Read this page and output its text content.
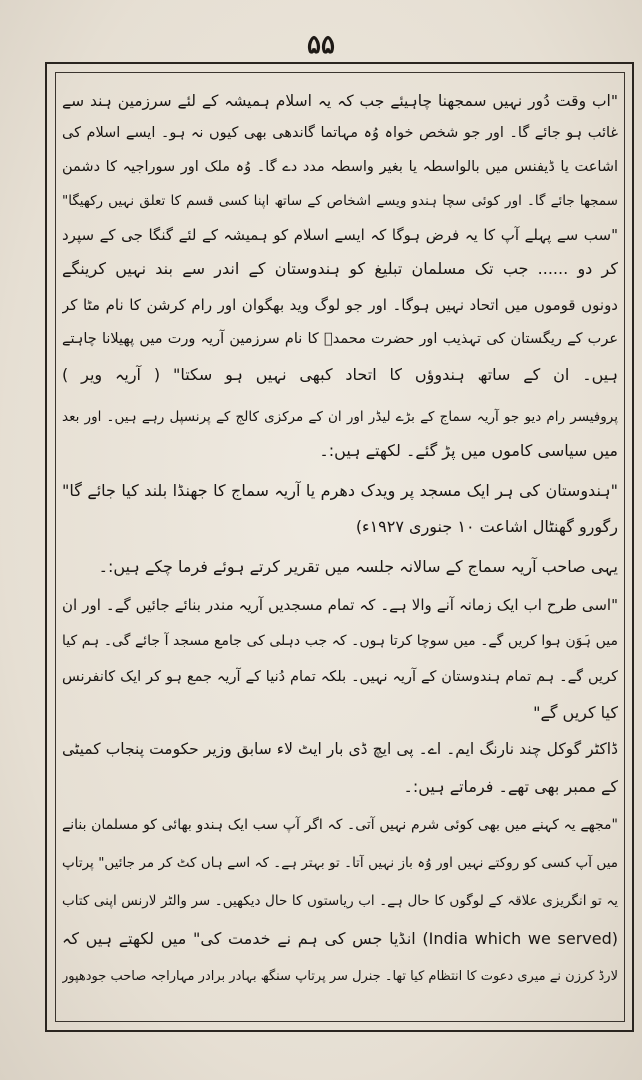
۵۵
"اب وقت دُور نہیں سمجھنا چاہیئے جب کہ یہ اسلام ہمیشہ کے لئے سرزمین ہند سے
غائب ہو جائے گا۔ اور جو شخص خواہ وُہ مہاتما گاندھی بھی کیوں نہ ہو۔ ایسے اسلام کی
اشاعت یا ڈیفنس میں بالواسطہ یا بغیر واسطہ مدد دے گا۔ وُہ ملک اور سوراجیہ کا دشمن
سمجھا جائے گا۔ اور کوئی سچا ہندو ویسے اشخاص کے ساتھ اپنا کسی قسم کا تعلق نہیں رکھیگا"
"سب سے پہلے آپ کا یہ فرض ہوگا کہ ایسے اسلام کو ہمیشہ کے لئے گنگا جی کے سپرد
کر دو ...... جب تک مسلمان تبلیغ کو ہندوستان کے اندر سے بند نہیں کرینگے
دونوں قوموں میں اتحاد نہیں ہوگا۔ اور جو لوگ وید بھگوان اور رام کرشن کا نام مٹا کر
عرب کے ریگستان کی تہذیب اور حضرت محمدؐ کا نام سرزمین آریہ ورت میں پھیلانا چاہتے
ہیں۔ ان کے ساتھ ہندوؤں کا اتحاد کبھی نہیں ہو سکتا" ( آریہ ویر )
پروفیسر رام دیو جو آریہ سماج کے بڑے لیڈر اور ان کے مرکزی کالج کے پرنسپل رہے ہیں۔ اور بعد
میں سیاسی کاموں میں پڑ گئے۔ لکھتے ہیں:۔
"ہندوستان کی ہر ایک مسجد پر ویدک دھرم یا آریہ سماج کا جھنڈا بلند کیا جائے گا"
رگورو گھنٹال اشاعت ۱۰ جنوری ۱۹۲۷ء)
یہی صاحب آریہ سماج کے سالانہ جلسہ میں تقریر کرتے ہوئے فرما چکے ہیں:۔
"اسی طرح اب ایک زمانہ آنے والا ہے۔ کہ تمام مسجدیں آریہ مندر بنائے جائیں گے۔ اور ان
میں ہَوَن ہوا کریں گے۔ میں سوچا کرتا ہوں۔ کہ جب دہلی کی جامع مسجد آ جائے گی۔ ہم کیا
کریں گے۔ ہم تمام ہندوستان کے آریہ نہیں۔ بلکہ تمام دُنیا کے آریہ جمع ہو کر ایک کانفرنس
کیا کریں گے"
ڈاکٹر گوکل چند نارنگ ایم۔ اے۔ پی ایچ ڈی بار ایٹ لاء سابق وزیر حکومت پنجاب کمیٹی
کے ممبر بھی تھے۔ فرماتے ہیں:۔
"مجھے یہ کہنے میں بھی کوئی شرم نہیں آتی۔ کہ اگر آپ سب ایک ہندو بھائی کو مسلمان بنانے
میں آپ کسی کو روکتے نہیں اور وُہ باز نہیں آتا۔ تو بہتر ہے۔ کہ اسے ہاں کٹ کر مر جائیں" پرتاپ
یہ تو انگریزی علاقہ کے لوگوں کا حال ہے۔ اب ریاستوں کا حال دیکھیں۔ سر والٹر لارنس اپنی کتاب
(India which we served) انڈیا جس کی ہم نے خدمت کی" میں لکھتے ہیں کہ
لارڈ کرزن نے میری دعوت کا انتظام کیا تھا۔ جنرل سر پرتاپ سنگھ بہادر برادر مہاراجہ صاحب جودھپور
